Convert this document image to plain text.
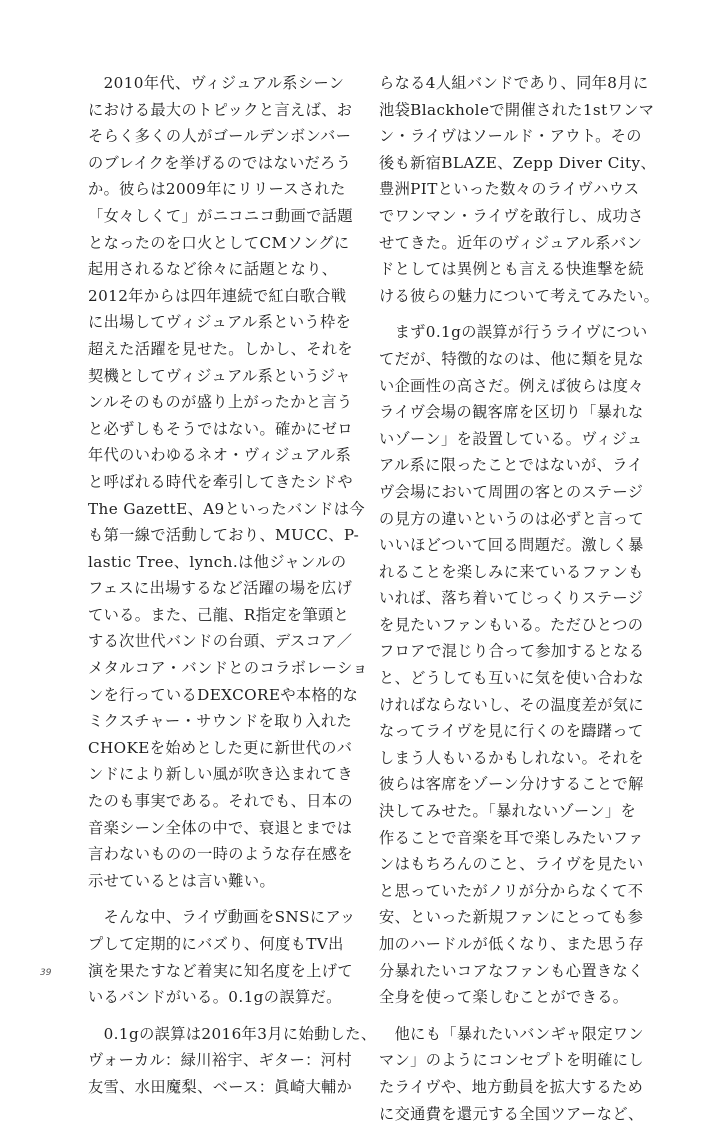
　2010年代、ヴィジュアル系シーン
における最大のトピックと言えば、お
そらく多くの人がゴールデンボンバー
のブレイクを挙げるのではないだろう
か。彼らは2009年にリリースされた
「女々しくて」がニコニコ動画で話題
となったのを口火としてCMソングに
起用されるなど徐々に話題となり、
2012年からは四年連続で紅白歌合戦
に出場してヴィジュアル系という枠を
超えた活躍を見せた。しかし、それを
契機としてヴィジュアル系というジャ
ンルそのものが盛り上がったかと言う
と必ずしもそうではない。確かにゼロ
年代のいわゆるネオ・ヴィジュアル系
と呼ばれる時代を牽引してきたシドや
The GazettE、A9といったバンドは今
も第一線で活動しており、MUCC、P-
lastic Tree、lynch.は他ジャンルの
フェスに出場するなど活躍の場を広げ
ている。また、己龍、R指定を筆頭と
する次世代バンドの台頭、デスコア／
メタルコア・バンドとのコラボレーショ
ンを行っているDEXCOREや本格的な
ミクスチャー・サウンドを取り入れた
CHOKEを始めとした更に新世代のバ
ンドにより新しい風が吹き込まれてき
たのも事実である。それでも、日本の
音楽シーン全体の中で、衰退とまでは
言わないものの一時のような存在感を
示せているとは言い難い。
　そんな中、ライヴ動画をSNSにアッ
プして定期的にバズり、何度もTV出
演を果たすなど着実に知名度を上げて
いるバンドがいる。0.1gの誤算だ。
　0.1gの誤算は2016年3月に始動した、
ヴォーカル：緑川裕宇、ギター：河村
友雪、水田魔梨、ベース：眞崎大輔か
らなる4人組バンドであり、同年8月に
池袋Blackholeで開催された1stワンマ
ン・ライヴはソールド・アウト。その
後も新宿BLAZE、Zepp Diver City、
豊洲PITといった数々のライヴハウス
でワンマン・ライヴを敢行し、成功さ
せてきた。近年のヴィジュアル系バン
ドとしては異例とも言える快進撃を続
ける彼らの魅力について考えてみたい。
　まず0.1gの誤算が行うライヴについ
てだが、特徴的なのは、他に類を見な
い企画性の高さだ。例えば彼らは度々
ライヴ会場の観客席を区切り「暴れな
いゾーン」を設置している。ヴィジュ
アル系に限ったことではないが、ライ
ヴ会場において周囲の客とのステージ
の見方の違いというのは必ずと言って
いいほどついて回る問題だ。激しく暴
れることを楽しみに来ているファンも
いれば、落ち着いてじっくりステージ
を見たいファンもいる。ただひとつの
フロアで混じり合って参加するとなる
と、どうしても互いに気を使い合わな
ければならないし、その温度差が気に
なってライヴを見に行くのを躊躇って
しまう人もいるかもしれない。それを
彼らは客席をゾーン分けすることで解
決してみせた。「暴れないゾーン」を
作ることで音楽を耳で楽しみたいファ
ンはもちろんのこと、ライヴを見たい
と思っていたがノリが分からなくて不
安、といった新規ファンにとっても参
加のハードルが低くなり、また思う存
分暴れたいコアなファンも心置きなく
全身を使って楽しむことができる。
　他にも「暴れたいバンギャ限定ワン
マン」のようにコンセプトを明確にし
たライヴや、地方動員を拡大するため
に交通費を還元する全国ツアーなど、
39
